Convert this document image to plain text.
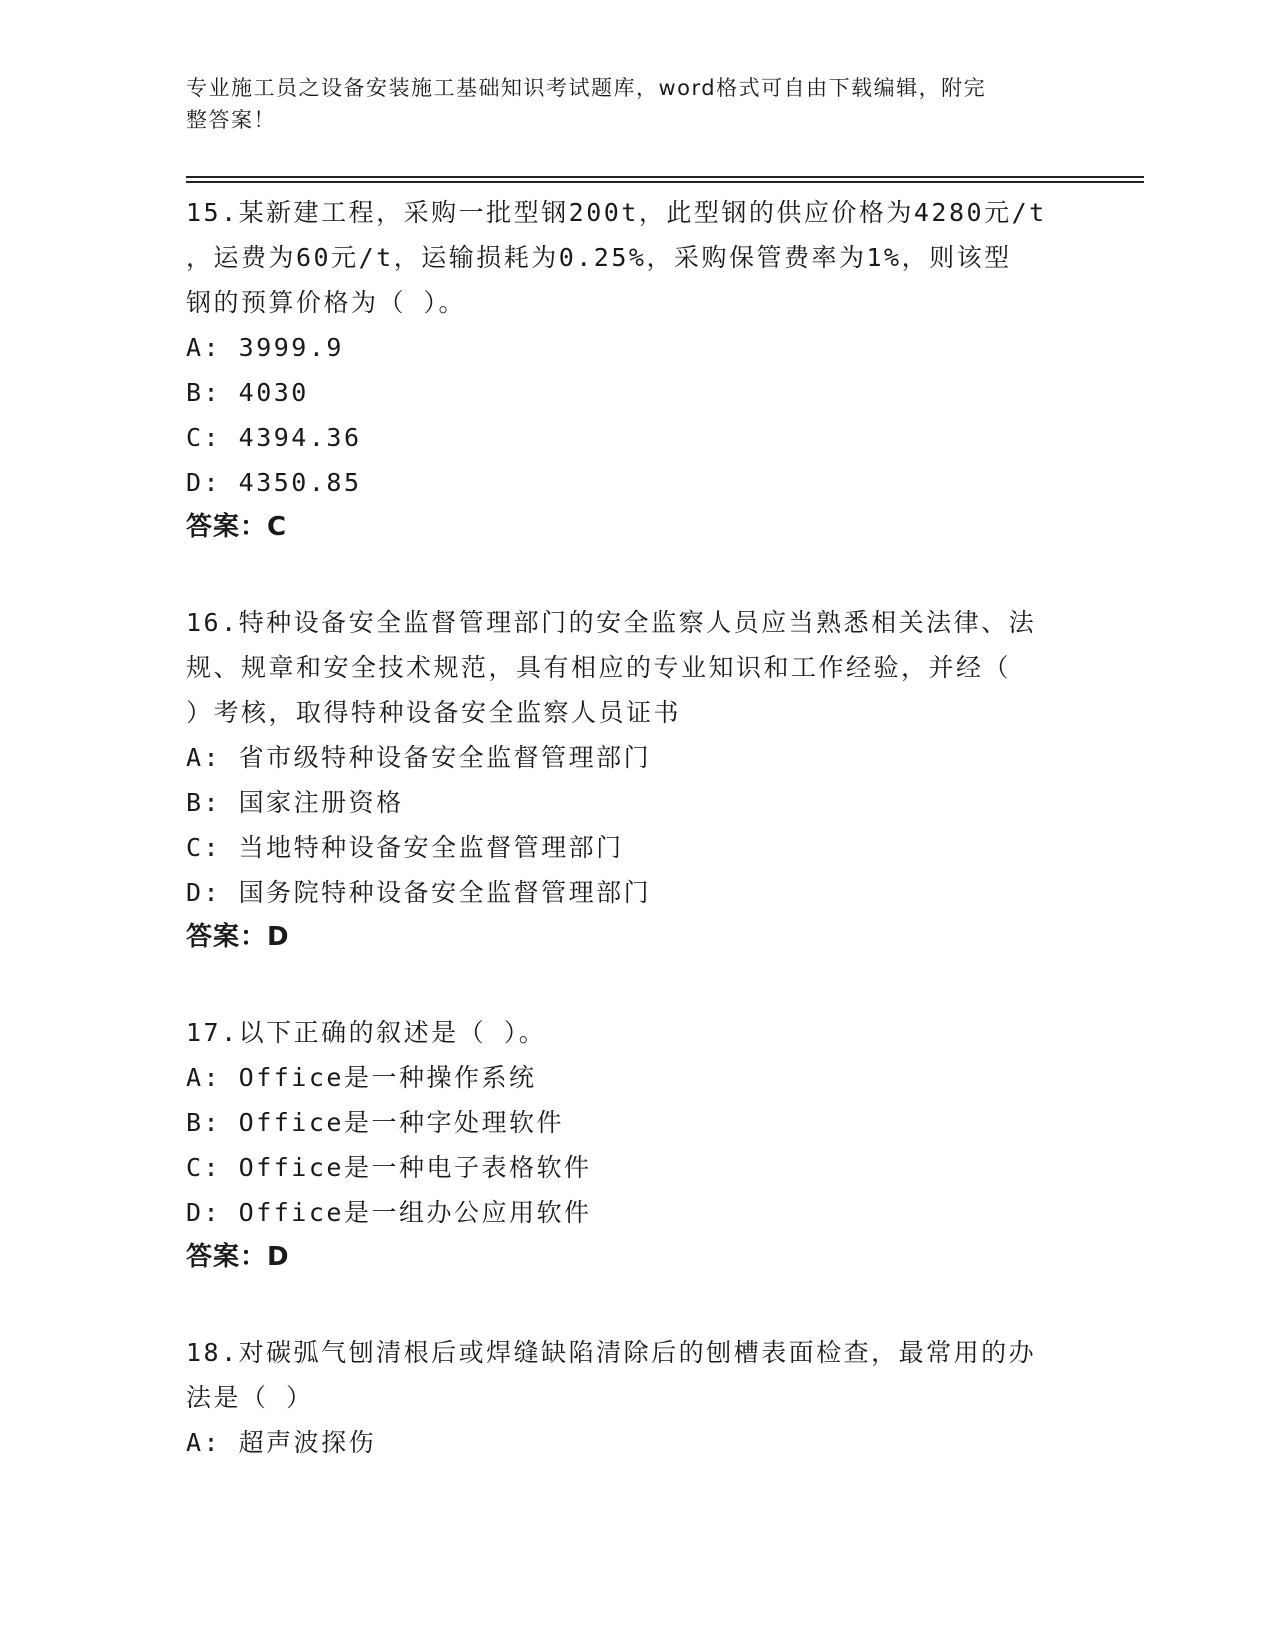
专业施工员之设备安装施工基础知识考试题库，word格式可自由下载编辑，附完
整答案！
15.某新建工程，采购一批型钢200t，此型钢的供应价格为4280元/t
，运费为60元/t，运输损耗为0.25%，采购保管费率为1%，则该型
钢的预算价格为（ ）。
A: 3999.9
B: 4030
C: 4394.36
D: 4350.85
答案：C
16.特种设备安全监督管理部门的安全监察人员应当熟悉相关法律、法
规、规章和安全技术规范，具有相应的专业知识和工作经验，并经（
）考核，取得特种设备安全监察人员证书
A: 省市级特种设备安全监督管理部门
B: 国家注册资格
C: 当地特种设备安全监督管理部门
D: 国务院特种设备安全监督管理部门
答案：D
17.以下正确的叙述是（ ）。
A: Office是一种操作系统
B: Office是一种字处理软件
C: Office是一种电子表格软件
D: Office是一组办公应用软件
答案：D
18.对碳弧气刨清根后或焊缝缺陷清除后的刨槽表面检查，最常用的办
法是（ ）
A: 超声波探伤
